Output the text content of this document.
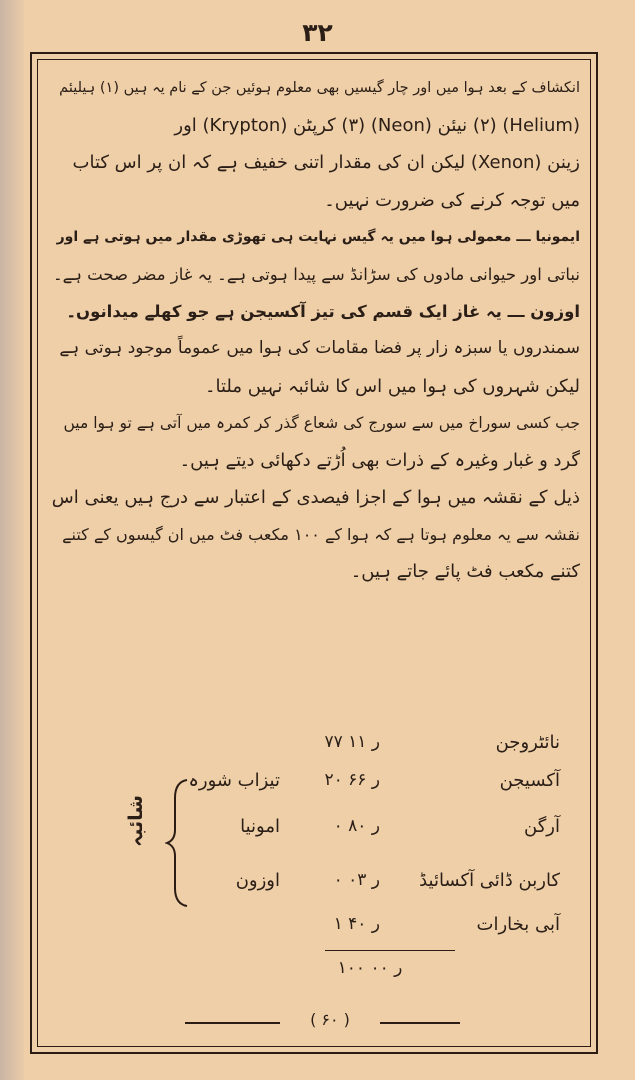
۳۲
انکشاف کے بعد ہوا میں اور چار گیسیں بھی معلوم ہوئیں جن کے نام یہ ہیں (۱) ہیلیئم
(Helium) (۲) نیئن (Neon) (۳) کرپٹن (Krypton) اور
زینن (Xenon) لیکن ان کی مقدار اتنی خفیف ہے کہ ان پر اس کتاب
میں توجہ کرنے کی ضرورت نہیں۔
ایمونیا ـــ معمولی ہوا میں یہ گیس نہایت ہی تھوڑی مقدار میں ہوتی ہے اور
نباتی اور حیوانی مادوں کی سڑانڈ سے پیدا ہوتی ہے۔ یہ غاز مضر صحت ہے۔
اوزون ـــ یہ غاز ایک قسم کی تیز آکسیجن ہے جو کھلے میدانوں۔
سمندروں یا سبزہ زار پر فضا مقامات کی ہوا میں عموماً موجود ہوتی ہے
لیکن شہروں کی ہوا میں اس کا شائبہ نہیں ملتا۔
جب کسی سوراخ میں سے سورج کی شعاع گذر کر کمرہ میں آتی ہے تو ہوا میں
گرد و غبار وغیرہ کے ذرات بھی اُڑتے دکھائی دیتے ہیں۔
ذیل کے نقشہ میں ہوا کے اجزا فیصدی کے اعتبار سے درج ہیں یعنی اس
نقشہ سے یہ معلوم ہوتا ہے کہ ہوا کے ۱۰۰ مکعب فٹ میں ان گیسوں کے کتنے
کتنے مکعب فٹ پائے جاتے ہیں۔
نائٹروجن
۷۷ ر ۱۱
آکسیجن
۲۰ ر ۶۶
تیزاب شورہ
آرگن
۰ ر ۸۰
امونیا
کاربن ڈائی آکسائیڈ
۰ ر ۰۳
اوزون
آبی بخارات
۱ ر ۴۰
شائبہ
۱۰۰ ر ۰۰
( ۶۰ )
